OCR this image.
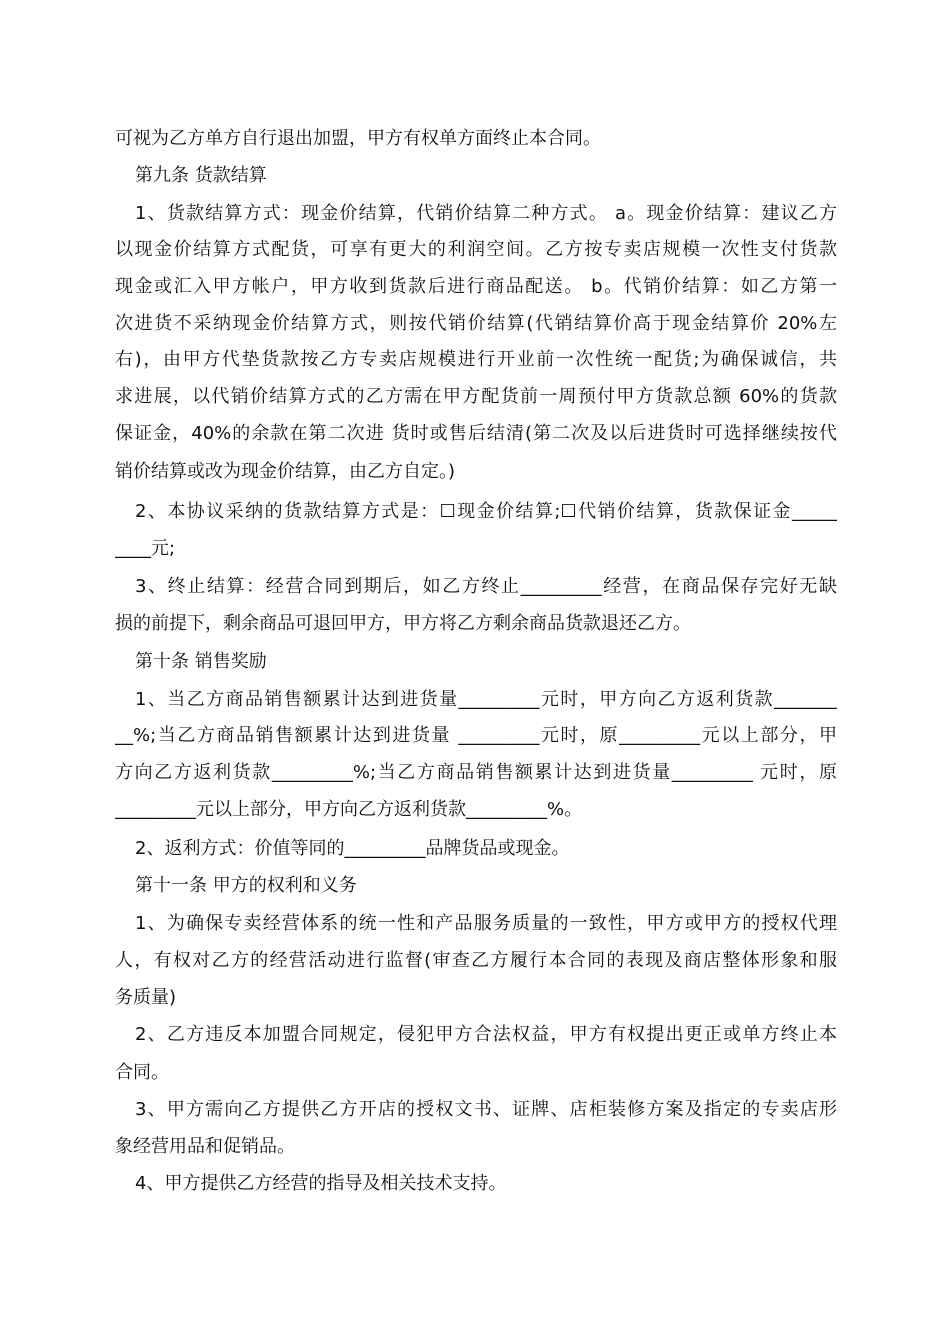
可视为乙方单方自行退出加盟，甲方有权单方面终止本合同。
第九条 货款结算
1、货款结算方式：现金价结算，代销价结算二种方式。 a。现金价结算：建议乙方
以现金价结算方式配货，可享有更大的利润空间。乙方按专卖店规模一次性支付货款
现金或汇入甲方帐户，甲方收到货款后进行商品配送。 b。代销价结算：如乙方第一
次进货不采纳现金价结算方式，则按代销价结算(代销结算价高于现金结算价 20%左
右)，由甲方代垫货款按乙方专卖店规模进行开业前一次性统一配货;为确保诚信，共
求进展，以代销价结算方式的乙方需在甲方配货前一周预付甲方货款总额 60%的货款
保证金，40%的余款在第二次进 货时或售后结清(第二次及以后进货时可选择继续按代
销价结算或改为现金价结算，由乙方自定。)
2、本协议采纳的货款结算方式是：☐现金价结算;☐代销价结算，货款保证金_____
____元;
3、终止结算：经营合同到期后，如乙方终止_________经营，在商品保存完好无缺
损的前提下，剩余商品可退回甲方，甲方将乙方剩余商品货款退还乙方。
第十条 销售奖励
1、当乙方商品销售额累计达到进货量_________元时，甲方向乙方返利货款_______
__%;当乙方商品销售额累计达到进货量 _________元时，原_________元以上部分，甲
方向乙方返利货款_________%;当乙方商品销售额累计达到进货量_________ 元时，原
_________元以上部分，甲方向乙方返利货款_________%。
2、返利方式：价值等同的_________品牌货品或现金。
第十一条 甲方的权利和义务
1、为确保专卖经营体系的统一性和产品服务质量的一致性，甲方或甲方的授权代理
人，有权对乙方的经营活动进行监督(审查乙方履行本合同的表现及商店整体形象和服
务质量)
2、乙方违反本加盟合同规定，侵犯甲方合法权益，甲方有权提出更正或单方终止本
合同。
3、甲方需向乙方提供乙方开店的授权文书、证牌、店柜装修方案及指定的专卖店形
象经营用品和促销品。
4、甲方提供乙方经营的指导及相关技术支持。
